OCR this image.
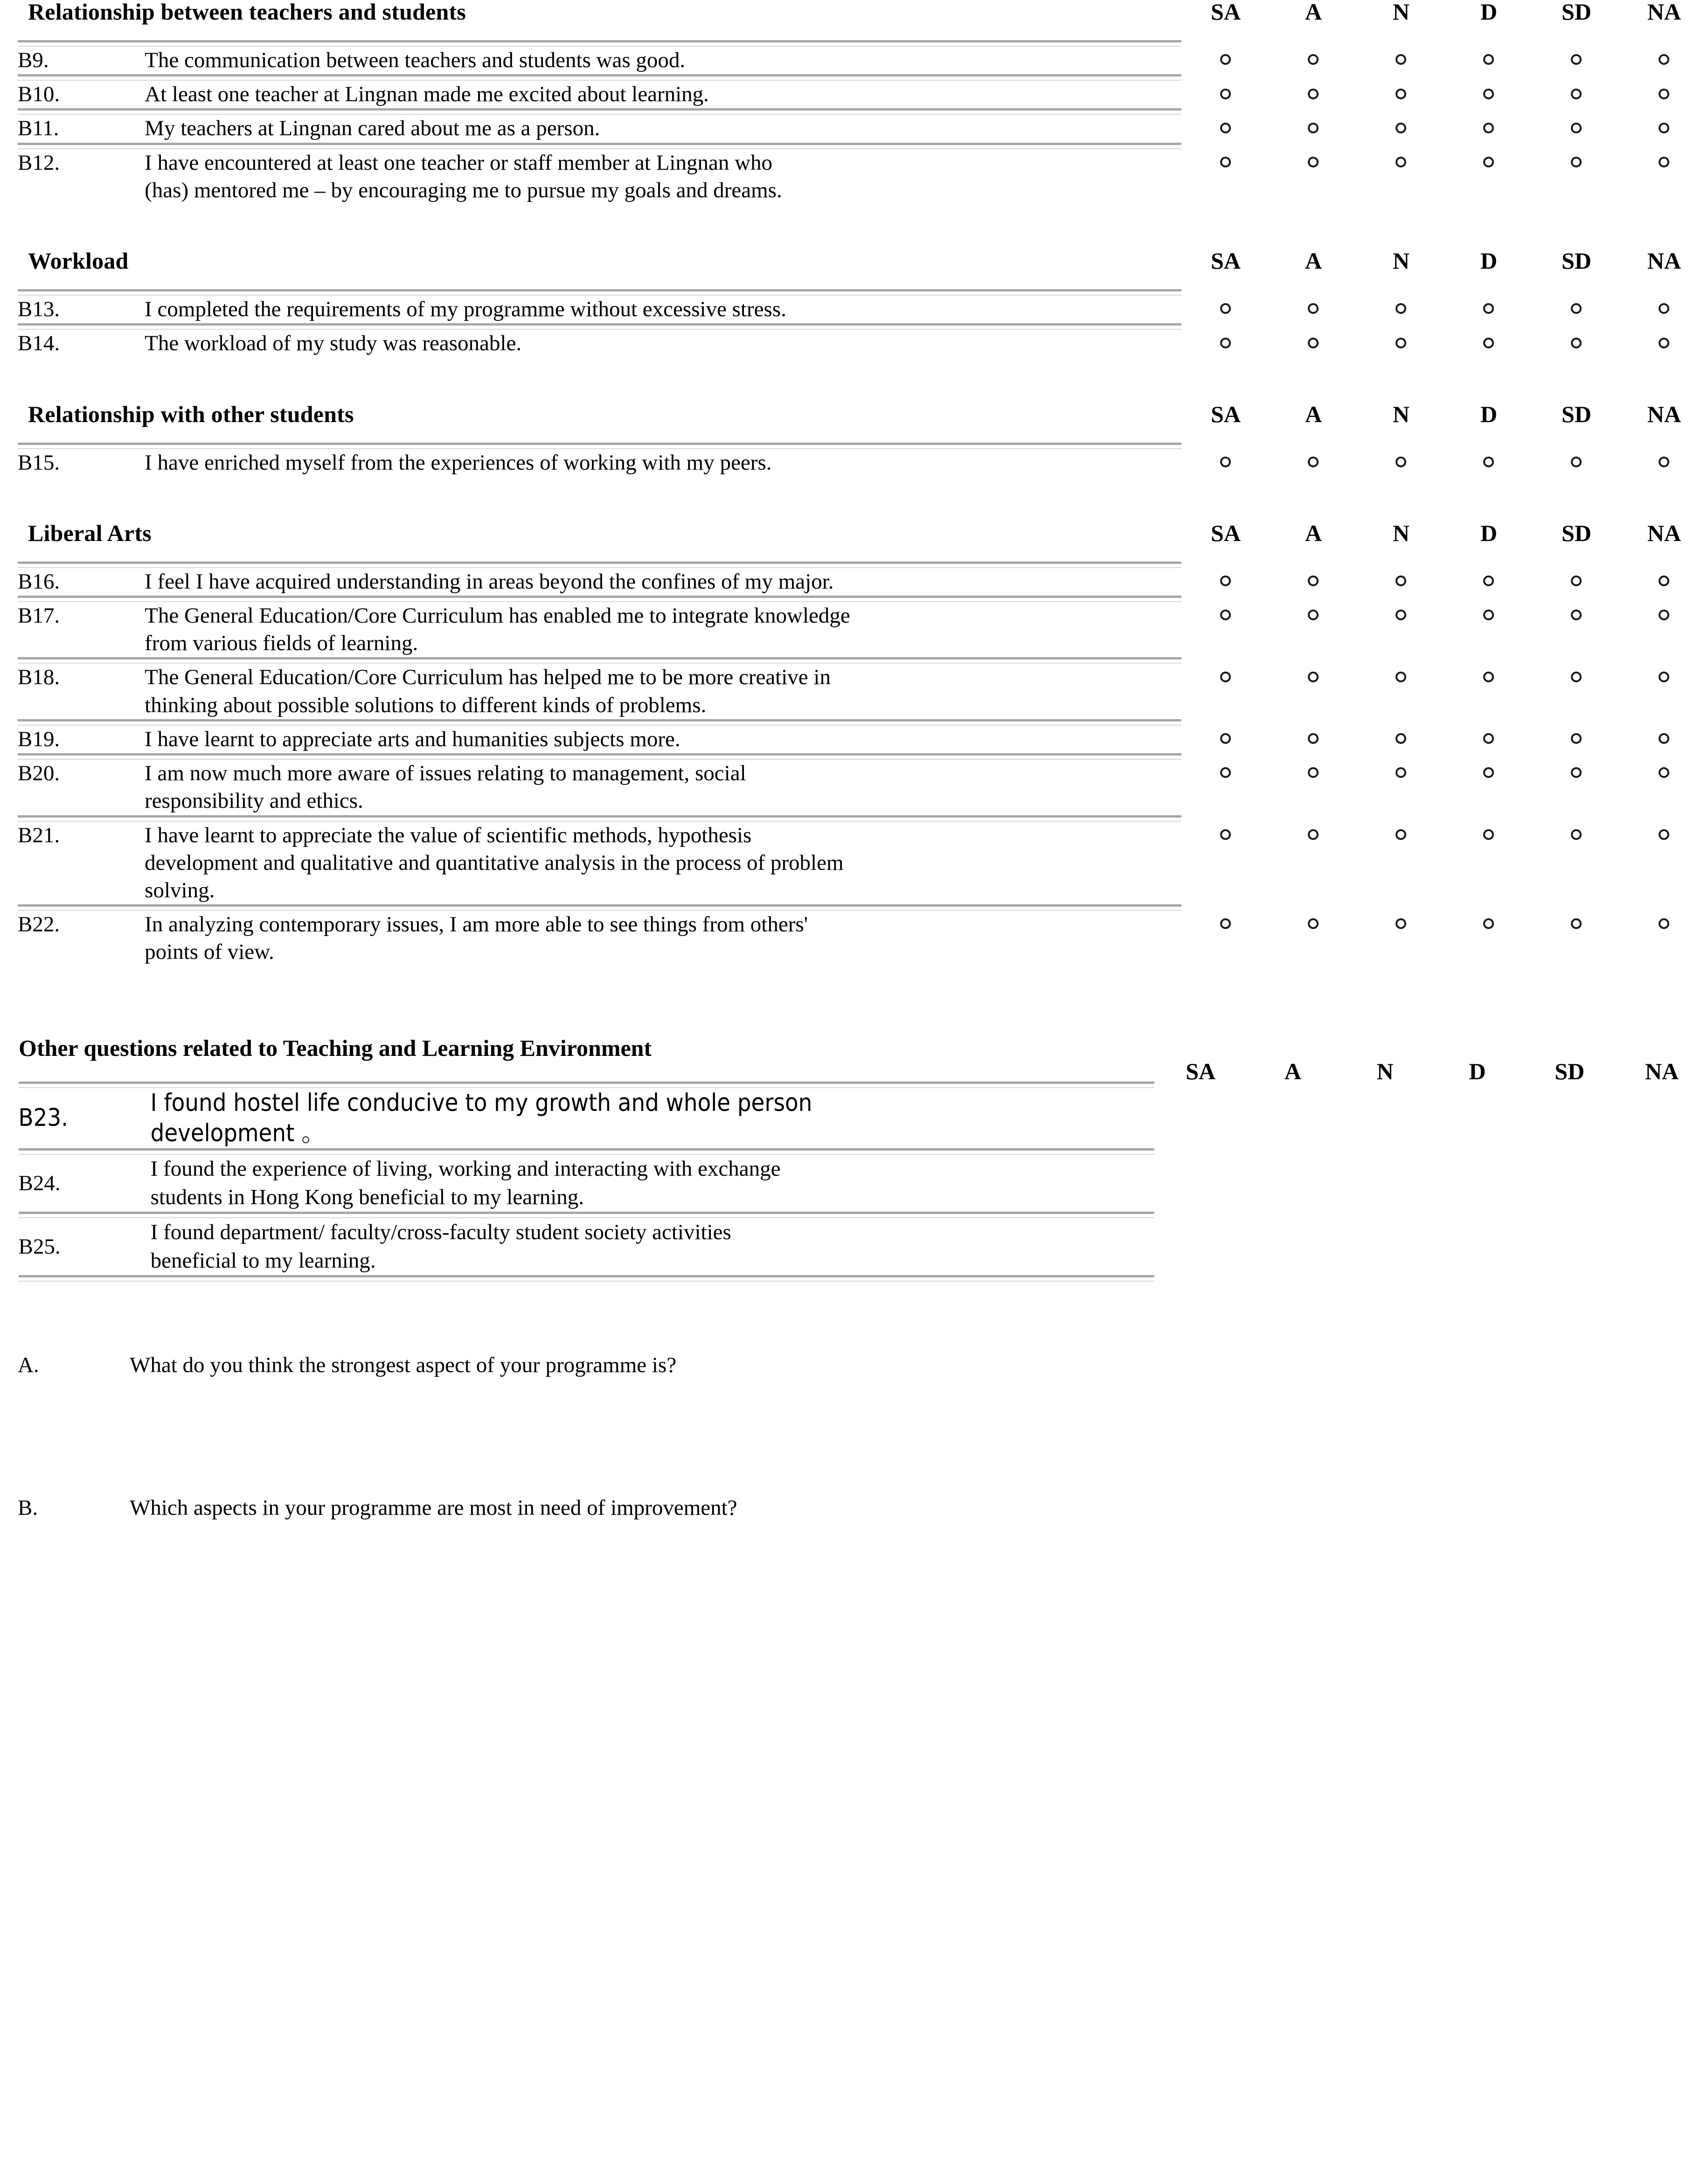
Relationship between teachers and students	SA	A	N	D	SD	NA

	B9.	The communication between teachers and students was good.						

	B10.	At least one teacher at Lingnan made me excited about learning.						

	B11.	My teachers at Lingnan cared about me as a person.						

	B12.	I have encountered at least one teacher or staff member at Lingnan who
(has) mentored me – by encouraging me to pursue my goals and dreams.						

Workload	SA	A	N	D	SD	NA

	B13.	I completed the requirements of my programme without excessive stress.						

	B14.	The workload of my study was reasonable.						

Relationship with other students	SA	A	N	D	SD	NA

	B15.	I have enriched myself from the experiences of working with my peers.						

Liberal Arts	SA	A	N	D	SD	NA

	B16.	I feel I have acquired understanding in areas beyond the confines of my major.						

	B17.	The General Education/Core Curriculum has enabled me to integrate knowledge
from various fields of learning.						

	B18.	The General Education/Core Curriculum has helped me to be more creative in
thinking about possible solutions to different kinds of problems.						

	B19.	I have learnt to appreciate arts and humanities subjects more.						

	B20.	I am now much more aware of issues relating to management, social
responsibility and ethics.						

	B21.	I have learnt to appreciate the value of scientific methods, hypothesis
development and qualitative and quantitative analysis in the process of problem
solving.						

	B22.	In analyzing contemporary issues, I am more able to see things from others'
points of view.						

Other questions related to Teaching and Learning Environment
			SA	A	N	D	SD	NA

	B23.	I found hostel life conducive to my growth and whole person
development 。						

	B24.	I found the experience of living, working and interacting with exchange
students in Hong Kong beneficial to my learning.						

	B25.	I found department/ faculty/cross-faculty student society activities
beneficial to my learning.						

A.	What do you think the strongest aspect of your programme is?
B.	Which aspects in your programme are most in need of improvement?
